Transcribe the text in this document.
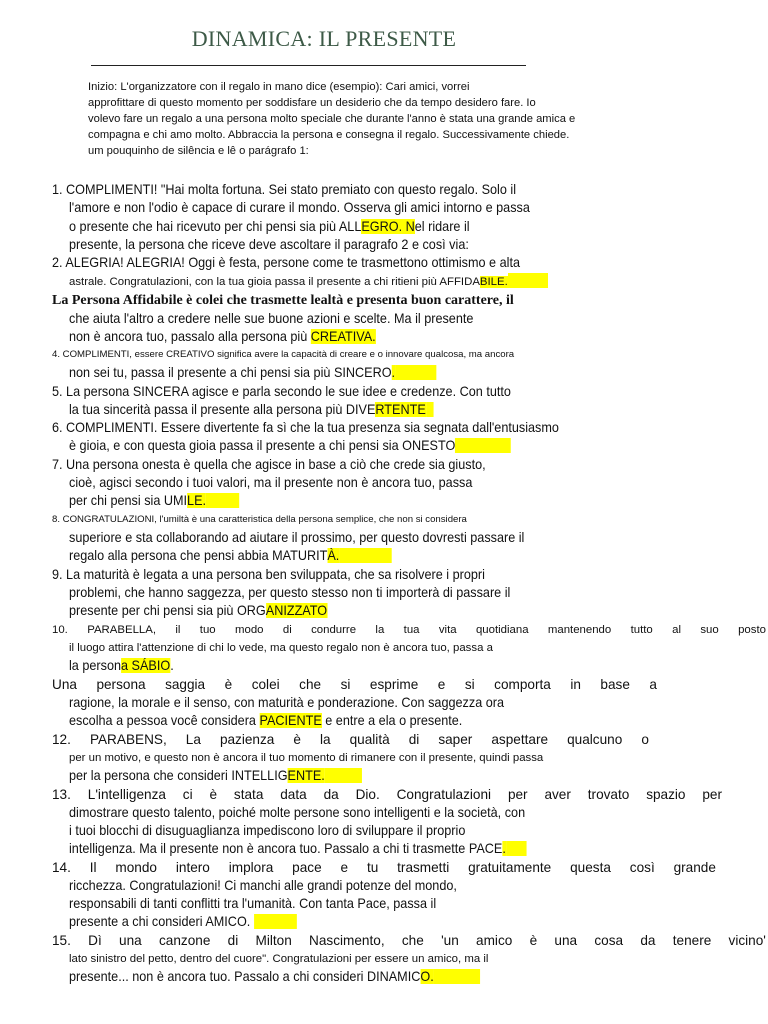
DINAMICA: IL PRESENTE
Inizio: L'organizzatore con il regalo in mano dice (esempio): Cari amici, vorrei
approfittare di questo momento per soddisfare un desiderio che da tempo desidero fare. Io
volevo fare un regalo a una persona molto speciale che durante l'anno è stata una grande amica e
compagna e chi amo molto. Abbraccia la persona e consegna il regalo. Successivamente chiede.
um pouquinho de silência e lê o parágrafo 1:
1. COMPLIMENTI! "Hai molta fortuna. Sei stato premiato con questo regalo. Solo il
l'amore e non l'odio è capace di curare il mondo. Osserva gli amici intorno e passa
o presente che hai ricevuto per chi pensi sia più ALLEGRO. Nel ridare il
presente, la persona che riceve deve ascoltare il paragrafo 2 e così via:
2. ALEGRIA! ALEGRIA! Oggi è festa, persone come te trasmettono ottimismo e alta
astrale. Congratulazioni, con la tua gioia passa il presente a chi ritieni più AFFIDABILE.
La Persona Affidabile è colei che trasmette lealtà e presenta buon carattere, il
che aiuta l'altro a credere nelle sue buone azioni e scelte. Ma il presente
non è ancora tuo, passalo alla persona più CREATIVA.
4. COMPLIMENTI, essere CREATIVO significa avere la capacità di creare e o innovare qualcosa, ma ancora
non sei tu, passa il presente a chi pensi sia più SINCERO.
5. La persona SINCERA agisce e parla secondo le sue idee e credenze. Con tutto
la tua sincerità passa il presente alla persona più DIVERTENTE
6. COMPLIMENTI. Essere divertente fa sì che la tua presenza sia segnata dall'entusiasmo
è gioia, e con questa gioia passa il presente a chi pensi sia ONESTO
7. Una persona onesta è quella che agisce in base a ciò che crede sia giusto,
cioè, agisci secondo i tuoi valori, ma il presente non è ancora tuo, passa
per chi pensi sia UMILE.
8. CONGRATULAZIONI, l'umiltà è una caratteristica della persona semplice, che non si considera
superiore e sta collaborando ad aiutare il prossimo, per questo dovresti passare il
regalo alla persona che pensi abbia MATURITÀ.
9. La maturità è legata a una persona ben sviluppata, che sa risolvere i propri
problemi, che hanno saggezza, per questo stesso non ti importerà di passare il
presente per chi pensi sia più ORGANIZZATO
10. PARABELLA, il tuo modo di condurre la tua vita quotidiana mantenendo tutto al suo posto
il luogo attira l'attenzione di chi lo vede, ma questo regalo non è ancora tuo, passa a
la persona SÁBIO.
Una persona saggia è colei che si esprime e si comporta in base a
ragione, la morale e il senso, con maturità e ponderazione. Con saggezza ora
escolha a pessoa você considera PACIENTE e entre a ela o presente.
12. PARABENS, La pazienza è la qualità di saper aspettare qualcuno o
per un motivo, e questo non è ancora il tuo momento di rimanere con il presente, quindi passa
per la persona che consideri INTELLIGENTE.
13. L'intelligenza ci è stata data da Dio. Congratulazioni per aver trovato spazio per
dimostrare questo talento, poiché molte persone sono intelligenti e la società, con
i tuoi blocchi di disuguaglianza impediscono loro di sviluppare il proprio
intelligenza. Ma il presente non è ancora tuo. Passalo a chi ti trasmette PACE.
14. Il mondo intero implora pace e tu trasmetti gratuitamente questa così grande
ricchezza. Congratulazioni! Ci manchi alle grandi potenze del mondo,
responsabili di tanti conflitti tra l'umanità. Con tanta Pace, passa il
presente a chi consideri AMICO.
15. Dì una canzone di Milton Nascimento, che 'un amico è una cosa da tenere vicino'
lato sinistro del petto, dentro del cuore". Congratulazioni per essere un amico, ma il
presente... non è ancora tuo. Passalo a chi consideri DINAMICO.
